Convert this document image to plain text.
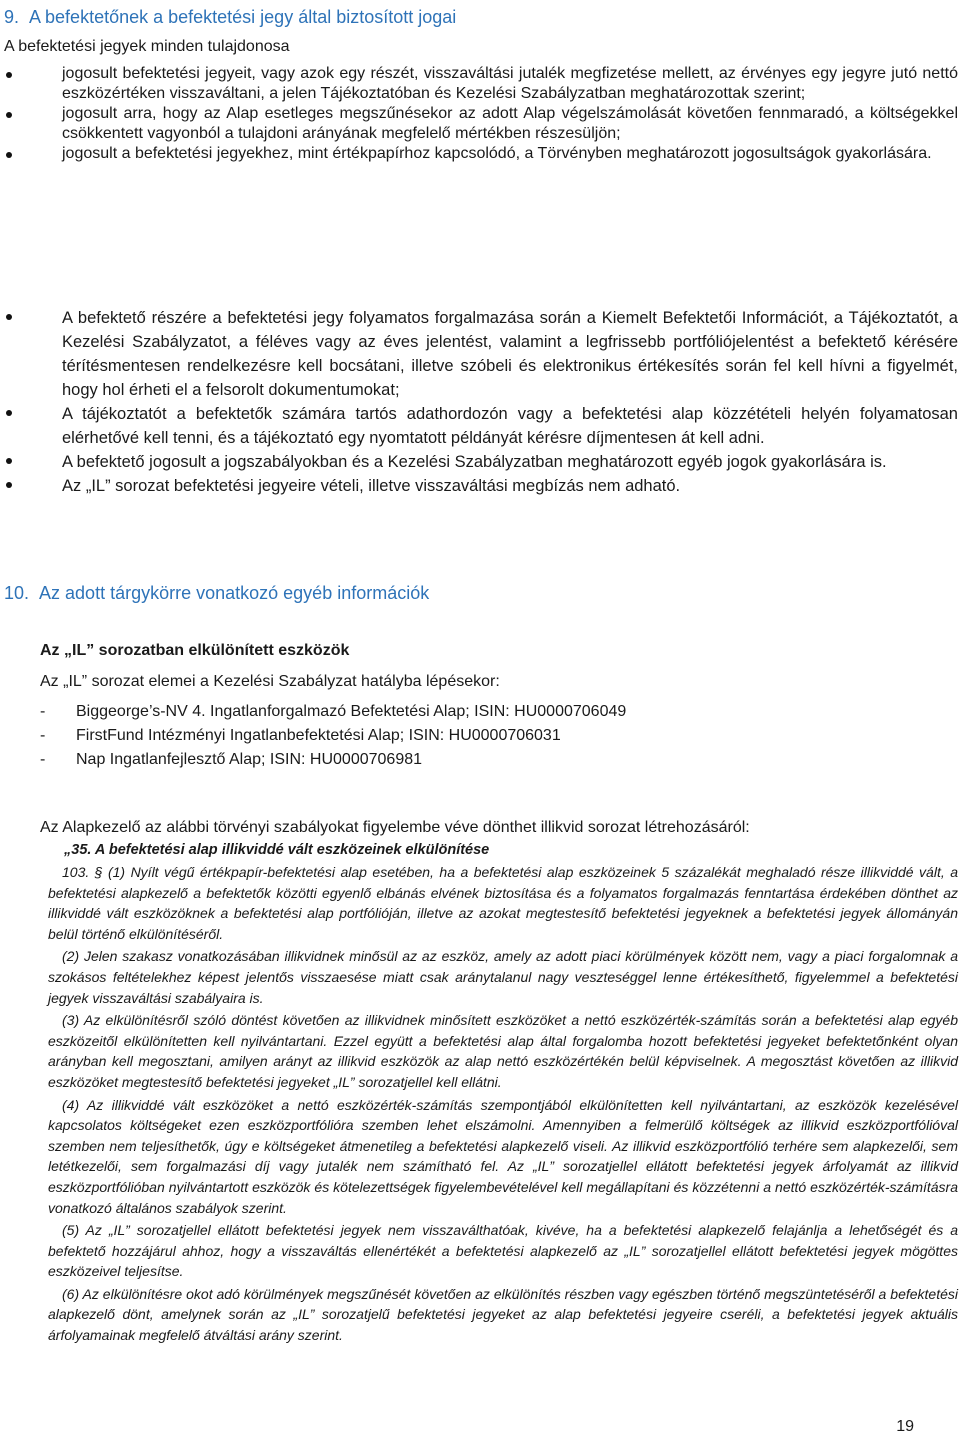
9. A befektetőnek a befektetési jegy által biztosított jogai
A befektetési jegyek minden tulajdonosa
jogosult befektetési jegyeit, vagy azok egy részét, visszaváltási jutalék megfizetése mellett, az érvényes egy jegyre jutó nettó eszközértéken visszaváltani, a jelen Tájékoztatóban és Kezelési Szabályzatban meghatározottak szerint;
jogosult arra, hogy az Alap esetleges megszűnésekor az adott Alap végelszámolását követően fennmaradó, a költségekkel csökkentett vagyonból a tulajdoni arányának megfelelő mértékben részesüljön;
jogosult a befektetési jegyekhez, mint értékpapírhoz kapcsolódó, a Törvényben meghatározott jogosultságok gyakorlására.
A befektető részére a befektetési jegy folyamatos forgalmazása során a Kiemelt Befektetői Információt, a Tájékoztatót, a Kezelési Szabályzatot, a féléves vagy az éves jelentést, valamint a legfrissebb portfóliójelentést a befektető kérésére térítésmentesen rendelkezésre kell bocsátani, illetve szóbeli és elektronikus értékesítés során fel kell hívni a figyelmét, hogy hol érheti el a felsorolt dokumentumokat;
A tájékoztatót a befektetők számára tartós adathordozón vagy a befektetési alap közzétételi helyén folyamatosan elérhetővé kell tenni, és a tájékoztató egy nyomtatott példányát kérésre díjmentesen át kell adni.
A befektető jogosult a jogszabályokban és a Kezelési Szabályzatban meghatározott egyéb jogok gyakorlására is.
Az „IL” sorozat befektetési jegyeire vételi, illetve visszaváltási megbízás nem adható.
10. Az adott tárgykörre vonatkozó egyéb információk
Az „IL” sorozatban elkülönített eszközök
Az „IL” sorozat elemei a Kezelési Szabályzat hatályba lépésekor:
- Biggeorge’s-NV 4. Ingatlanforgalmazó Befektetési Alap; ISIN: HU0000706049
- FirstFund Intézményi Ingatlanbefektetési Alap; ISIN: HU0000706031
- Nap Ingatlanfejlesztő Alap; ISIN: HU0000706981
Az Alapkezelő az alábbi törvényi szabályokat figyelembe véve dönthet illikvid sorozat létrehozásáról:
„35. A befektetési alap illikviddé vált eszközeinek elkülönítése

103. § (1) Nyílt végű értékpapír-befektetési alap esetében, ha a befektetési alap eszközeinek 5 százalékát meghaladó része illikviddé vált, a befektetési alapkezelő a befektetők közötti egyenlő elbánás elvének biztosítása és a folyamatos forgalmazás fenntartása érdekében dönthet az illikviddé vált eszközöknek a befektetési alap portfólióján, illetve az azokat megtestesítő befektetési jegyeknek a befektetési jegyek állományán belül történő elkülönítéséről.

(2) Jelen szakasz vonatkozásában illikvidnek minősül az az eszköz, amely az adott piaci körülmények között nem, vagy a piaci forgalomnak a szokásos feltételekhez képest jelentős visszaesése miatt csak aránytalanul nagy veszteséggel lenne értékesíthető, figyelemmel a befektetési jegyek visszaváltási szabályaira is.

(3) Az elkülönítésről szóló döntést követően az illikvidnek minősített eszközöket a nettó eszközérték-számítás során a befektetési alap egyéb eszközeitől elkülönítetten kell nyilvántartani. Ezzel együtt a befektetési alap által forgalomba hozott befektetési jegyeket befektetőnként olyan arányban kell megosztani, amilyen arányt az illikvid eszközök az alap nettó eszközértékén belül képviselnek. A megosztást követően az illikvid eszközöket megtestesítő befektetési jegyeket „IL” sorozatjellel kell ellátni.

(4) Az illikviddé vált eszközöket a nettó eszközérték-számítás szempontjából elkülönítetten kell nyilvántartani, az eszközök kezelésével kapcsolatos költségeket ezen eszközportfólióra szemben lehet elszámolni. Amennyiben a felmerülő költségek az illikvid eszközportfólióval szemben nem teljesíthetők, úgy e költségeket átmenetileg a befektetési alapkezelő viseli. Az illikvid eszközportfólió terhére sem alapkezelői, sem letétkezelői, sem forgalmazási díj vagy jutalék nem számítható fel. Az „IL” sorozatjellel ellátott befektetési jegyek árfolyamát az illikvid eszközportfólióban nyilvántartott eszközök és kötelezettségek figyelembevételével kell megállapítani és közzétenni a nettó eszközérték-számításra vonatkozó általános szabályok szerint.

(5) Az „IL” sorozatjellel ellátott befektetési jegyek nem visszaválthatóak, kivéve, ha a befektetési alapkezelő felajánlja a lehetőségét és a befektető hozzájárul ahhoz, hogy a visszaváltás ellenértékét a befektetési alapkezelő az „IL” sorozatjellel ellátott befektetési jegyek mögöttes eszközeivel teljesítse.

(6) Az elkülönítésre okot adó körülmények megszűnését követően az elkülönítés részben vagy egészben történő megszüntetéséről a befektetési alapkezelő dönt, amelynek során az „IL” sorozatjelű befektetési jegyeket az alap befektetési jegyeire cseréli, a befektetési jegyek aktuális árfolyamainak megfelelő átváltási arány szerint.

19
